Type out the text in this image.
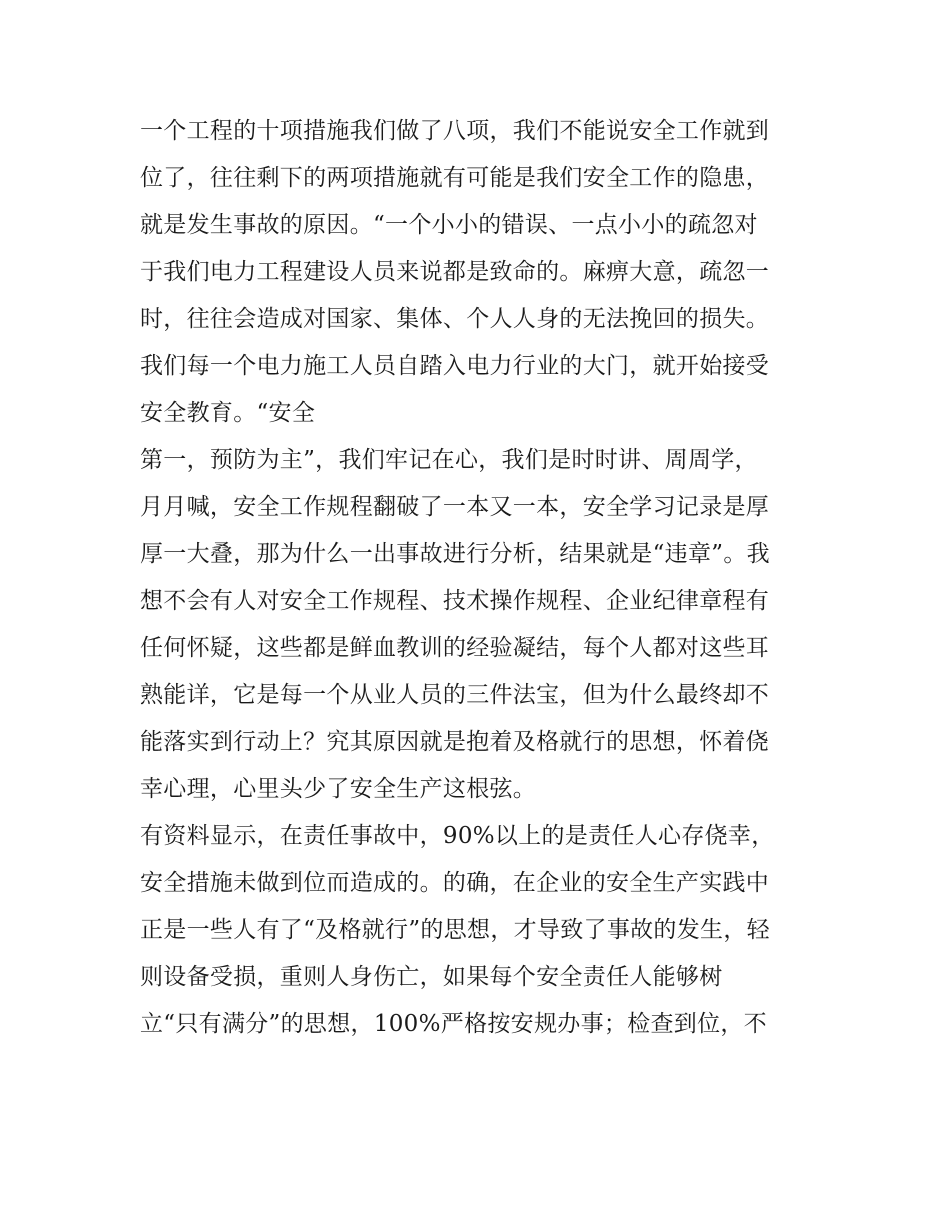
一个工程的十项措施我们做了八项，我们不能说安全工作就到
位了，往往剩下的两项措施就有可能是我们安全工作的隐患，
就是发生事故的原因。“一个小小的错误、一点小小的疏忽对
于我们电力工程建设人员来说都是致命的。麻痹大意，疏忽一
时，往往会造成对国家、集体、个人人身的无法挽回的损失。
我们每一个电力施工人员自踏入电力行业的大门，就开始接受
安全教育。“安全
第一，预防为主”，我们牢记在心，我们是时时讲、周周学，
月月喊，安全工作规程翻破了一本又一本，安全学习记录是厚
厚一大叠，那为什么一出事故进行分析，结果就是“违章”。我
想不会有人对安全工作规程、技术操作规程、企业纪律章程有
任何怀疑，这些都是鲜血教训的经验凝结，每个人都对这些耳
熟能详，它是每一个从业人员的三件法宝，但为什么最终却不
能落实到行动上？究其原因就是抱着及格就行的思想，怀着侥
幸心理，心里头少了安全生产这根弦。
有资料显示，在责任事故中，90%以上的是责任人心存侥幸，
安全措施未做到位而造成的。的确，在企业的安全生产实践中
正是一些人有了“及格就行”的思想，才导致了事故的发生，轻
则设备受损，重则人身伤亡，如果每个安全责任人能够树
立“只有满分”的思想，100%严格按安规办事；检查到位，不
